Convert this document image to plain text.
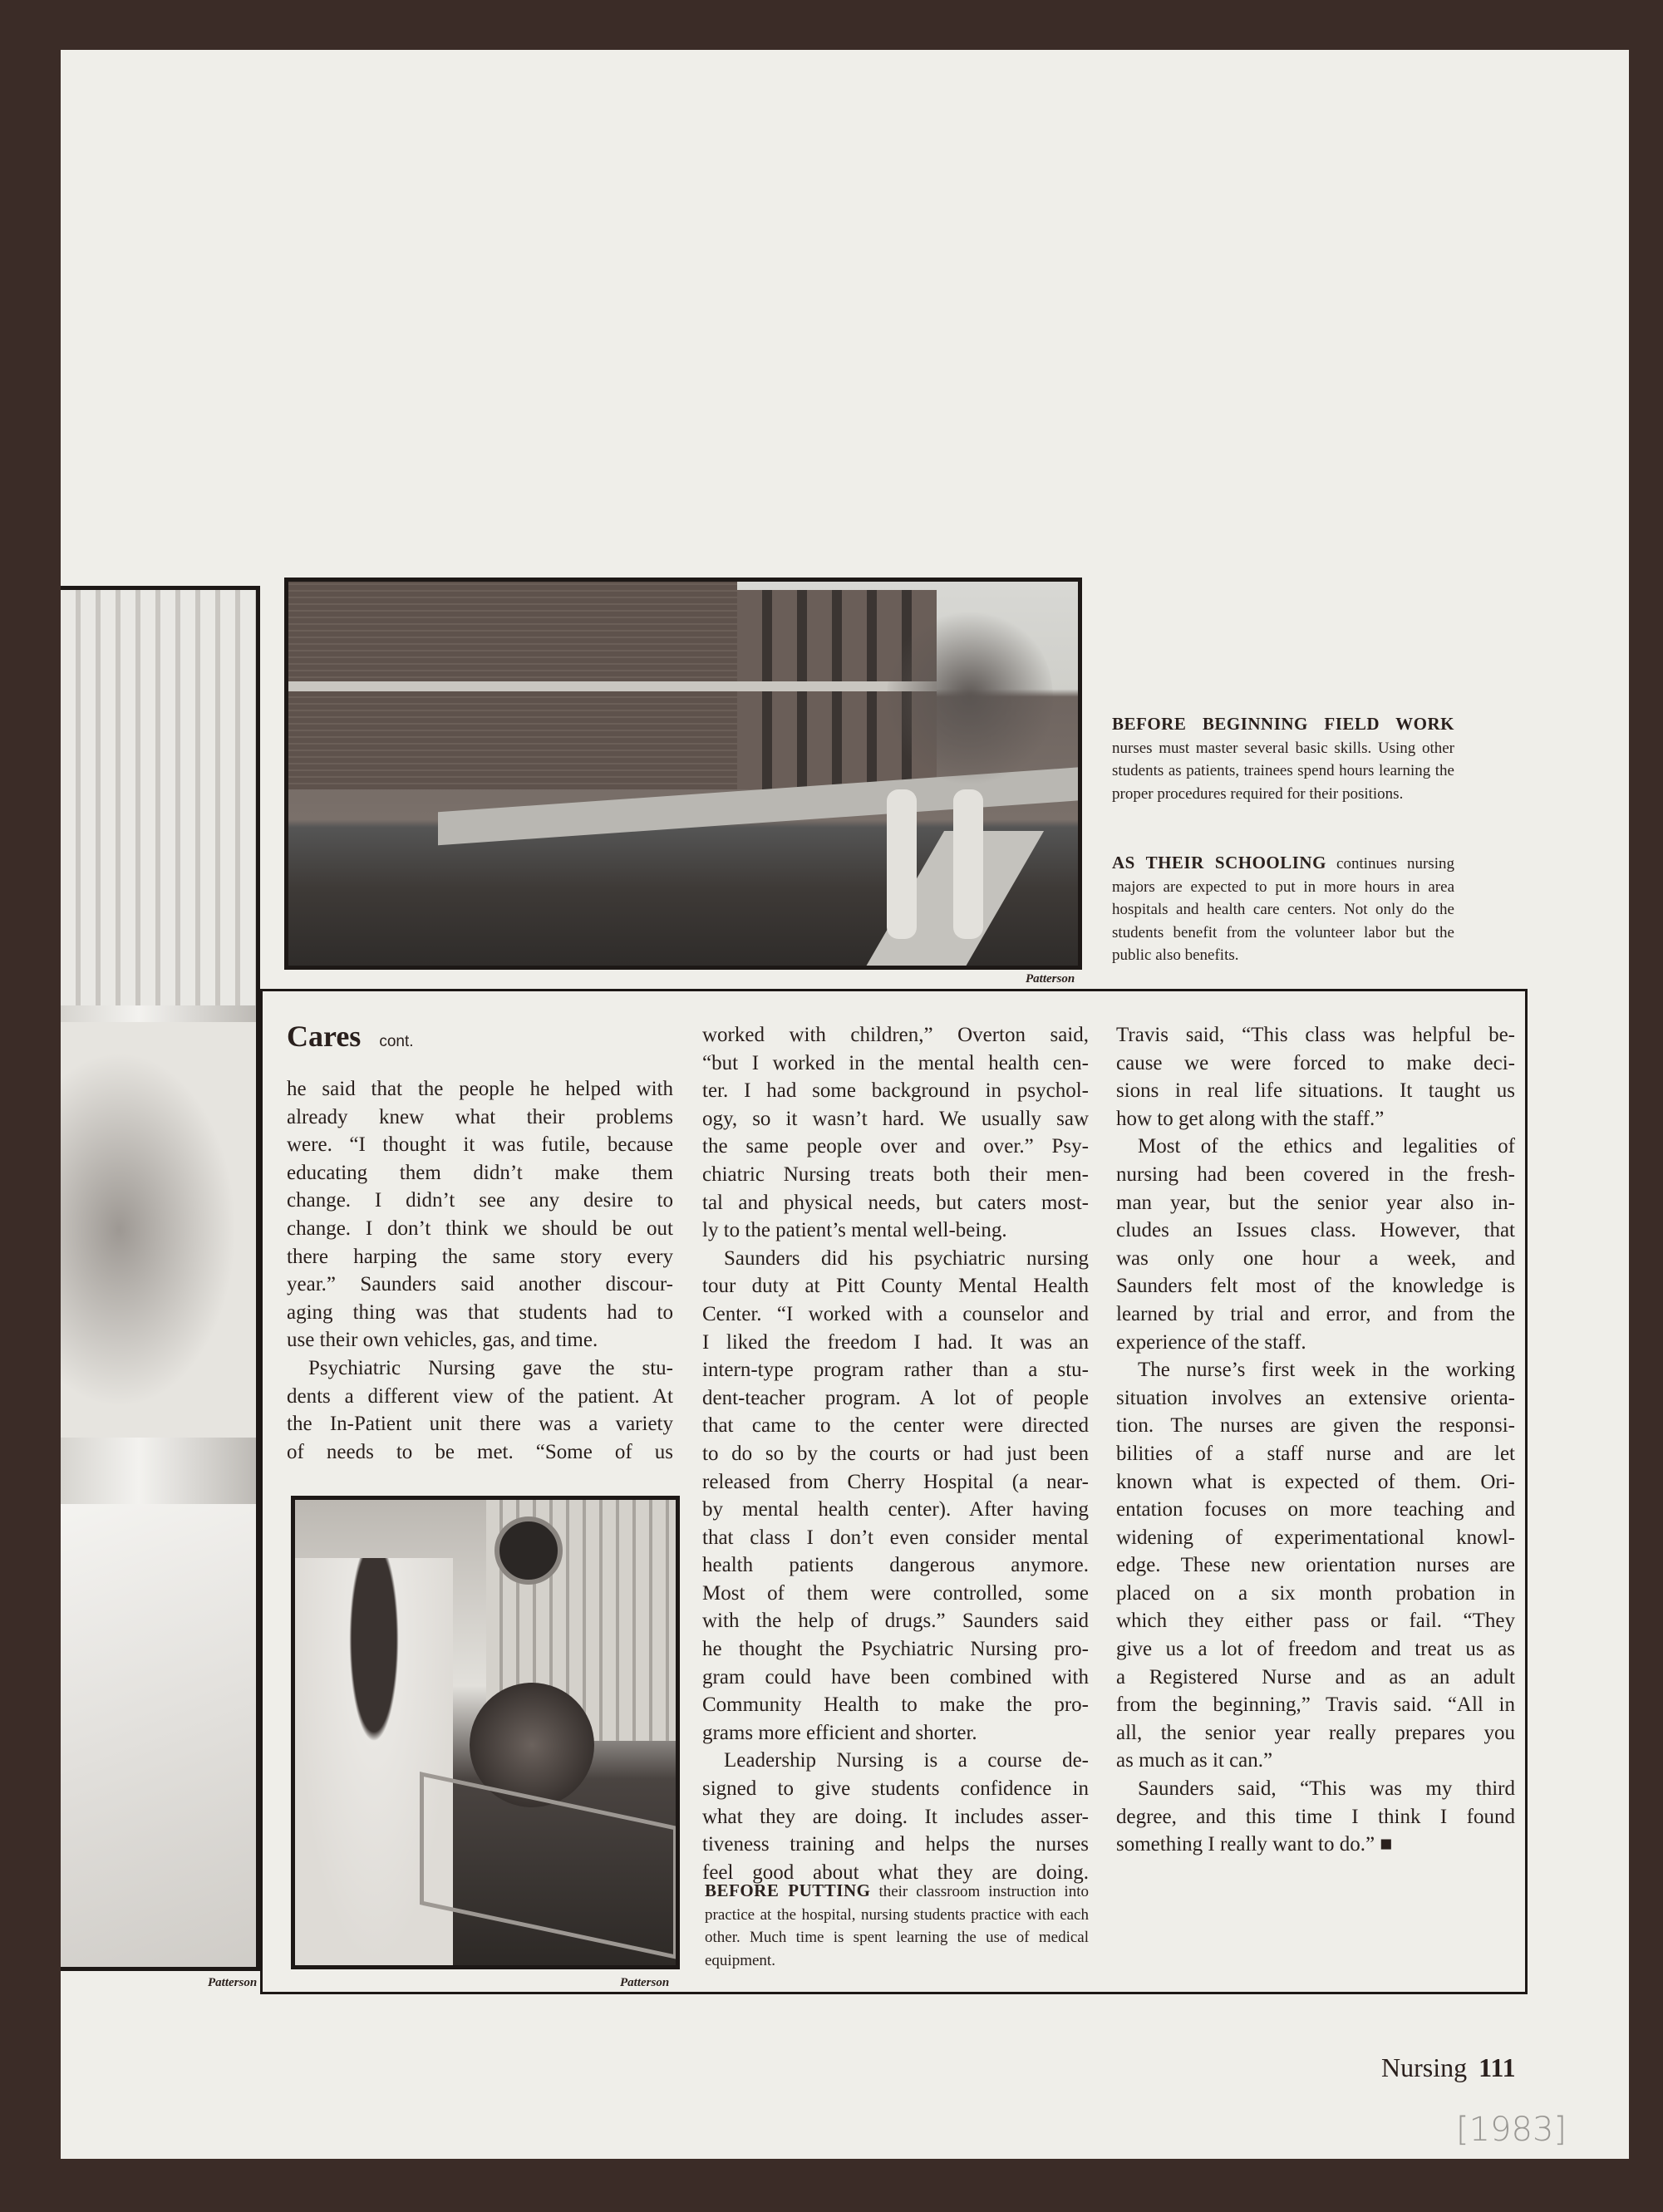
Patterson
BEFORE BEGINNING FIELD WORK nurses must master several basic skills. Using other students as patients, trainees spend hours learning the proper procedures required for their positions.
AS THEIR SCHOOLING continues nursing majors are expected to put in more hours in area hospitals and health care centers. Not only do the students benefit from the volunteer labor but the public also benefits.
Patterson
Cares cont.
he said that the people he helped with
already knew what their problems
were. “I thought it was futile, because
educating them didn’t make them
change. I didn’t see any desire to
change. I don’t think we should be out
there harping the same story every
year.” Saunders said another discour-
aging thing was that students had to
use their own vehicles, gas, and time.
Psychiatric Nursing gave the stu-
dents a different view of the patient. At
the In-Patient unit there was a variety
of needs to be met. “Some of us
worked with children,” Overton said,
“but I worked in the mental health cen-
ter. I had some background in psychol-
ogy, so it wasn’t hard. We usually saw
the same people over and over.” Psy-
chiatric Nursing treats both their men-
tal and physical needs, but caters most-
ly to the patient’s mental well-being.
Saunders did his psychiatric nursing
tour duty at Pitt County Mental Health
Center. “I worked with a counselor and
I liked the freedom I had. It was an
intern-type program rather than a stu-
dent-teacher program. A lot of people
that came to the center were directed
to do so by the courts or had just been
released from Cherry Hospital (a near-
by mental health center). After having
that class I don’t even consider mental
health patients dangerous anymore.
Most of them were controlled, some
with the help of drugs.” Saunders said
he thought the Psychiatric Nursing pro-
gram could have been combined with
Community Health to make the pro-
grams more efficient and shorter.
Leadership Nursing is a course de-
signed to give students confidence in
what they are doing. It includes asser-
tiveness training and helps the nurses
feel good about what they are doing.
Travis said, “This class was helpful be-
cause we were forced to make deci-
sions in real life situations. It taught us
how to get along with the staff.”
Most of the ethics and legalities of
nursing had been covered in the fresh-
man year, but the senior year also in-
cludes an Issues class. However, that
was only one hour a week, and
Saunders felt most of the knowledge is
learned by trial and error, and from the
experience of the staff.
The nurse’s first week in the working
situation involves an extensive orienta-
tion. The nurses are given the responsi-
bilities of a staff nurse and are let
known what is expected of them. Ori-
entation focuses on more teaching and
widening of experimentational knowl-
edge. These new orientation nurses are
placed on a six month probation in
which they either pass or fail. “They
give us a lot of freedom and treat us as
a Registered Nurse and as an adult
from the beginning,” Travis said. “All in
all, the senior year really prepares you
as much as it can.”
Saunders said, “This was my third
degree, and this time I think I found
something I really want to do.” ■
Patterson
BEFORE PUTTING their classroom instruction into practice at the hospital, nursing students practice with each other. Much time is spent learning the use of medical equipment.
Nursing 111
[1983]
